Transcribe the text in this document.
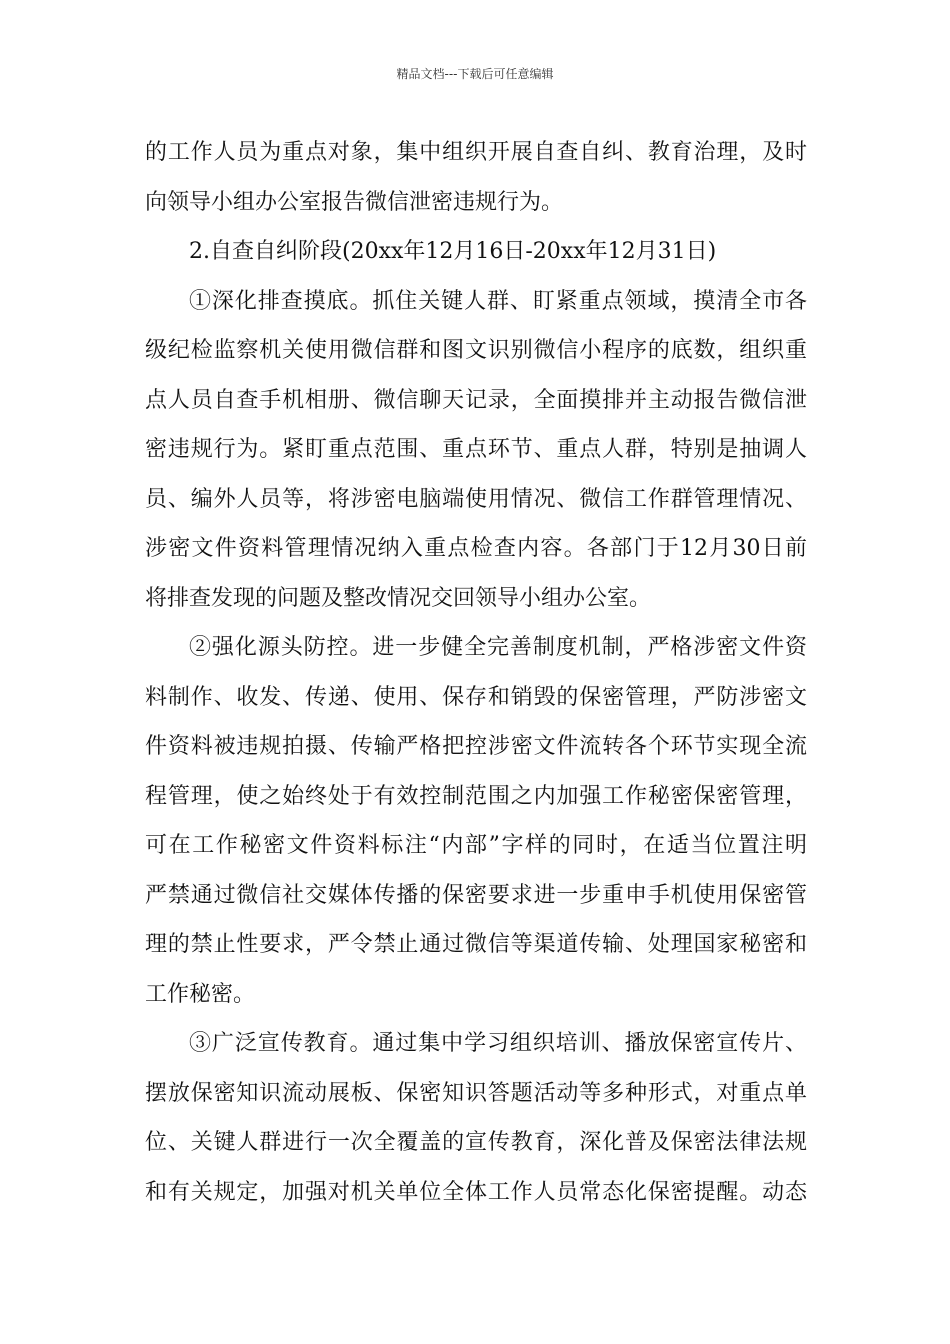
精品文档---下载后可任意编辑
的工作人员为重点对象，集中组织开展自查自纠、教育治理，及时
向领导小组办公室报告微信泄密违规行为。
2.自查自纠阶段(20xx年12月16日-20xx年12月31日)
①深化排查摸底。抓住关键人群、盯紧重点领域，摸清全市各
级纪检监察机关使用微信群和图文识别微信小程序的底数，组织重
点人员自查手机相册、微信聊天记录，全面摸排并主动报告微信泄
密违规行为。紧盯重点范围、重点环节、重点人群，特别是抽调人
员、编外人员等，将涉密电脑端使用情况、微信工作群管理情况、
涉密文件资料管理情况纳入重点检查内容。各部门于12月30日前
将排查发现的问题及整改情况交回领导小组办公室。
②强化源头防控。进一步健全完善制度机制，严格涉密文件资
料制作、收发、传递、使用、保存和销毁的保密管理，严防涉密文
件资料被违规拍摄、传输严格把控涉密文件流转各个环节实现全流
程管理，使之始终处于有效控制范围之内加强工作秘密保密管理，
可在工作秘密文件资料标注“内部”字样的同时，在适当位置注明
严禁通过微信社交媒体传播的保密要求进一步重申手机使用保密管
理的禁止性要求，严令禁止通过微信等渠道传输、处理国家秘密和
工作秘密。
③广泛宣传教育。通过集中学习组织培训、播放保密宣传片、
摆放保密知识流动展板、保密知识答题活动等多种形式，对重点单
位、关键人群进行一次全覆盖的宣传教育，深化普及保密法律法规
和有关规定，加强对机关单位全体工作人员常态化保密提醒。动态
